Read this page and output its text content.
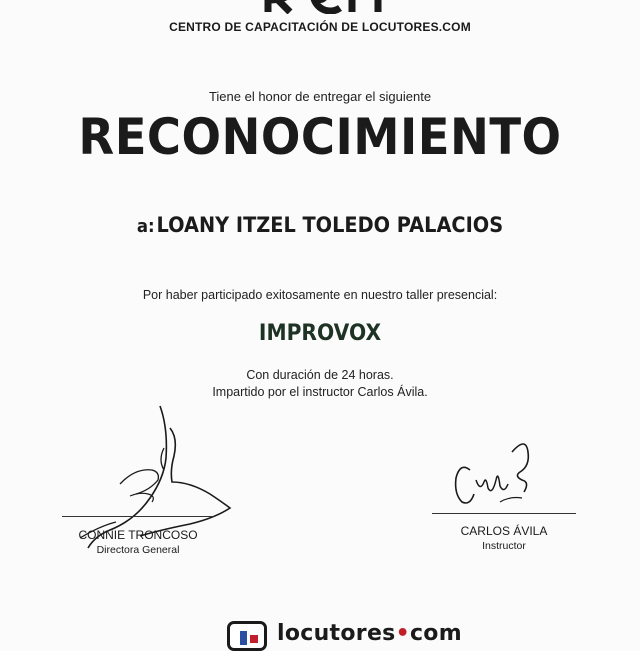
CENTRO DE CAPACITACIÓN DE LOCUTORES.COM
Tiene el honor de entregar el siguiente
RECONOCIMIENTO
a:LOANY ITZEL TOLEDO PALACIOS
Por haber participado exitosamente en nuestro taller presencial:
IMPROVOX
Con duración de 24 horas.
Impartido por el instructor Carlos Ávila.
CONNIE TRONCOSO
Directora General
CARLOS ÁVILA
Instructor
locutores•com
